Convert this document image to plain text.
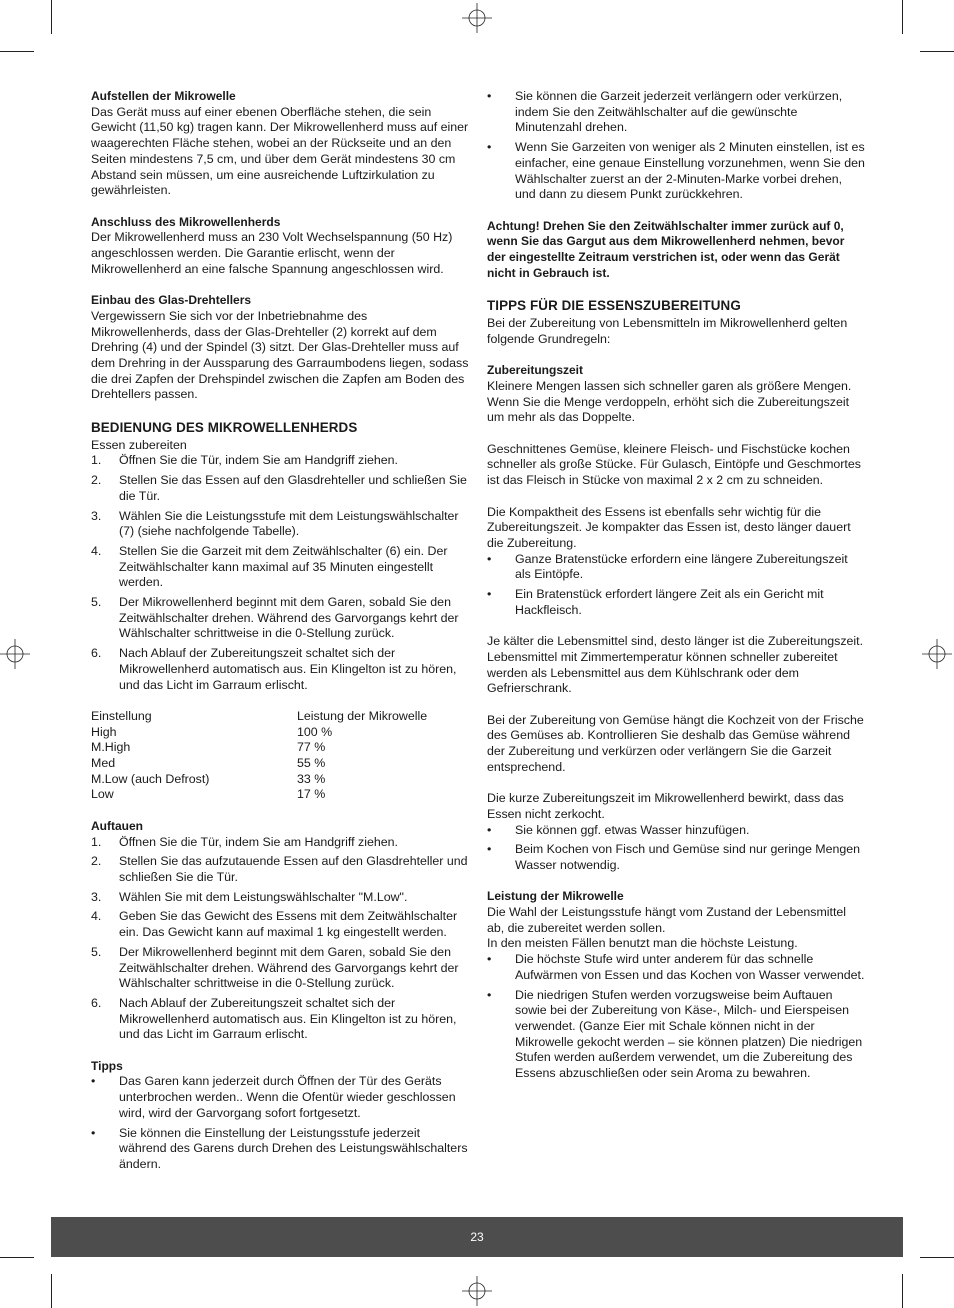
Aufstellen der Mikrowelle

Das Gerät muss auf einer ebenen Oberfläche stehen, die sein Gewicht (11,50 kg) tragen kann. Der Mikrowellenherd muss auf einer waagerechten Fläche stehen, wobei an der Rückseite und an den Seiten mindestens 7,5 cm, und über dem Gerät mindestens 30 cm Abstand sein müssen, um eine ausreichende Luftzirkulation zu gewährleisten.

Anschluss des Mikrowellenherds

Der Mikrowellenherd muss an 230 Volt Wechselspannung (50 Hz) angeschlossen werden. Die Garantie erlischt, wenn der Mikrowellenherd an eine falsche Spannung angeschlossen wird.

Einbau des Glas-Drehtellers

Vergewissern Sie sich vor der Inbetriebnahme des Mikrowellenherds, dass der Glas-Drehteller (2) korrekt auf dem Drehring (4) und der Spindel (3) sitzt. Der Glas-Drehteller muss auf dem Drehring in der Aussparung des Garraumbodens liegen, sodass die drei Zapfen der Drehspindel zwischen die Zapfen am Boden des Drehtellers passen.

BEDIENUNG DES MIKROWELLENHERDS

Essen zubereiten

1. Öffnen Sie die Tür, indem Sie am Handgriff ziehen.
2. Stellen Sie das Essen auf den Glasdrehteller und schließen Sie die Tür.
3. Wählen Sie die Leistungsstufe mit dem Leistungswählschalter (7) (siehe nachfolgende Tabelle).
4. Stellen Sie die Garzeit mit dem Zeitwählschalter (6) ein. Der Zeitwählschalter kann maximal auf 35 Minuten eingestellt werden.
5. Der Mikrowellenherd beginnt mit dem Garen, sobald Sie den Zeitwählschalter drehen. Während des Garvorgangs kehrt der Wählschalter schrittweise in die 0-Stellung zurück.
6. Nach Ablauf der Zubereitungszeit schaltet sich der Mikrowellenherd automatisch aus. Ein Klingelton ist zu hören, und das Licht im Garraum erlischt.
Einstellung	Leistung der Mikrowelle
High	100 %
M.High	77 %
Med	55 %
M.Low (auch Defrost)	33 %
Low	17 %

Auftauen

1. Öffnen Sie die Tür, indem Sie am Handgriff ziehen.
2. Stellen Sie das aufzutauende Essen auf den Glasdrehteller und schließen Sie die Tür.
3. Wählen Sie mit dem Leistungswählschalter "M.Low".
4. Geben Sie das Gewicht des Essens mit dem Zeitwählschalter ein. Das Gewicht kann auf maximal 1 kg eingestellt werden.
5. Der Mikrowellenherd beginnt mit dem Garen, sobald Sie den Zeitwählschalter drehen. Während des Garvorgangs kehrt der Wählschalter schrittweise in die 0-Stellung zurück.
6. Nach Ablauf der Zubereitungszeit schaltet sich der Mikrowellenherd automatisch aus. Ein Klingelton ist zu hören, und das Licht im Garraum erlischt.

Tipps

• Das Garen kann jederzeit durch Öffnen der Tür des Geräts unterbrochen werden.. Wenn die Ofentür wieder geschlossen wird, wird der Garvorgang sofort fortgesetzt.
• Sie können die Einstellung der Leistungsstufe jederzeit während des Garens durch Drehen des Leistungswählschalters ändern.
• Sie können die Garzeit jederzeit verlängern oder verkürzen, indem Sie den Zeitwählschalter auf die gewünschte Minutenzahl drehen.
• Wenn Sie Garzeiten von weniger als 2 Minuten einstellen, ist es einfacher, eine genaue Einstellung vorzunehmen, wenn Sie den Wählschalter zuerst an der 2-Minuten-Marke vorbei drehen, und dann zu diesem Punkt zurückkehren.

Achtung! Drehen Sie den Zeitwählschalter immer zurück auf 0, wenn Sie das Gargut aus dem Mikrowellenherd nehmen, bevor der eingestellte Zeitraum verstrichen ist, oder wenn das Gerät nicht in Gebrauch ist.

TIPPS FÜR DIE ESSENSZUBEREITUNG

Bei der Zubereitung von Lebensmitteln im Mikrowellenherd gelten folgende Grundregeln:

Zubereitungszeit

Kleinere Mengen lassen sich schneller garen als größere Mengen. Wenn Sie die Menge verdoppeln, erhöht sich die Zubereitungszeit um mehr als das Doppelte.

Geschnittenes Gemüse, kleinere Fleisch- und Fischstücke kochen schneller als große Stücke. Für Gulasch, Eintöpfe und Geschmortes ist das Fleisch in Stücke von maximal 2 x 2 cm zu schneiden.

Die Kompaktheit des Essens ist ebenfalls sehr wichtig für die Zubereitungszeit. Je kompakter das Essen ist, desto länger dauert die Zubereitung.

• Ganze Bratenstücke erfordern eine längere Zubereitungszeit als Eintöpfe.
• Ein Bratenstück erfordert längere Zeit als ein Gericht mit Hackfleisch.

Je kälter die Lebensmittel sind, desto länger ist die Zubereitungszeit. Lebensmittel mit Zimmertemperatur können schneller zubereitet werden als Lebensmittel aus dem Kühlschrank oder dem Gefrierschrank.

Bei der Zubereitung von Gemüse hängt die Kochzeit von der Frische des Gemüses ab. Kontrollieren Sie deshalb das Gemüse während der Zubereitung und verkürzen oder verlängern Sie die Garzeit entsprechend.

Die kurze Zubereitungszeit im Mikrowellenherd bewirkt, dass das Essen nicht zerkocht.

• Sie können ggf. etwas Wasser hinzufügen.
• Beim Kochen von Fisch und Gemüse sind nur geringe Mengen Wasser notwendig.

Leistung der Mikrowelle

Die Wahl der Leistungsstufe hängt vom Zustand der Lebensmittel ab, die zubereitet werden sollen.

In den meisten Fällen benutzt man die höchste Leistung.

• Die höchste Stufe wird unter anderem für das schnelle Aufwärmen von Essen und das Kochen von Wasser verwendet.
• Die niedrigen Stufen werden vorzugsweise beim Auftauen sowie bei der Zubereitung von Käse-, Milch- und Eierspeisen verwendet. (Ganze Eier mit Schale können nicht in der Mikrowelle gekocht werden – sie können platzen) Die niedrigen Stufen werden außerdem verwendet, um die Zubereitung des Essens abzuschließen oder sein Aroma zu bewahren.
23
